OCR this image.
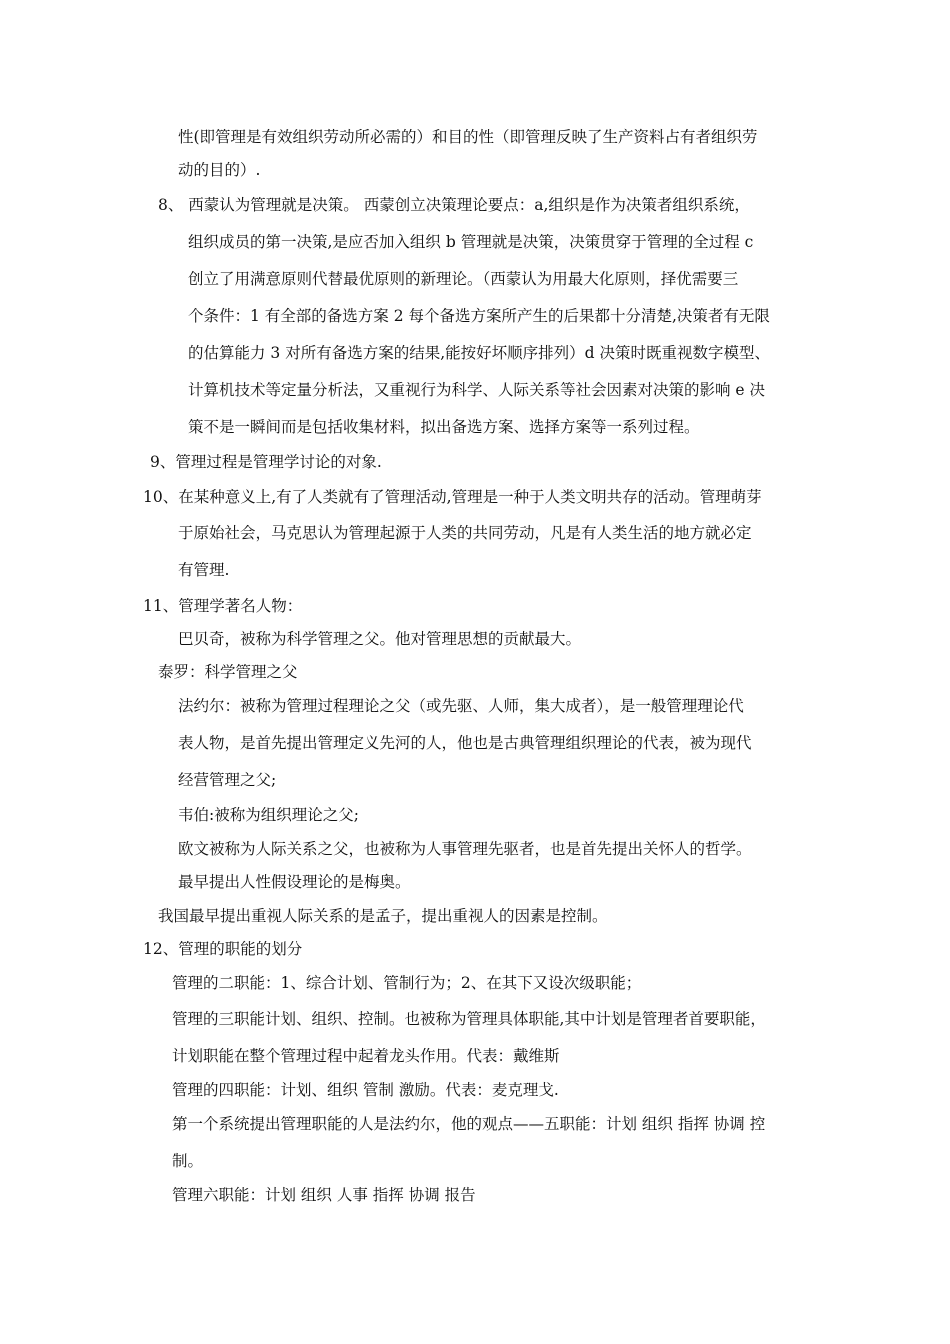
性(即管理是有效组织劳动所必需的）和目的性（即管理反映了生产资料占有者组织劳
动的目的）.
8、 西蒙认为管理就是决策。 西蒙创立决策理论要点：a,组织是作为决策者组织系统，
组织成员的第一决策,是应否加入组织 b 管理就是决策，决策贯穿于管理的全过程 c
创立了用满意原则代替最优原则的新理论。（西蒙认为用最大化原则，择优需要三
个条件：1 有全部的备选方案 2 每个备选方案所产生的后果都十分清楚,决策者有无限
的估算能力 3 对所有备选方案的结果,能按好坏顺序排列）d 决策时既重视数字模型、
计算机技术等定量分析法，又重视行为科学、人际关系等社会因素对决策的影响 e 决
策不是一瞬间而是包括收集材料，拟出备选方案、选择方案等一系列过程。
9、管理过程是管理学讨论的对象.
10、在某种意义上,有了人类就有了管理活动,管理是一种于人类文明共存的活动。管理萌芽
于原始社会，马克思认为管理起源于人类的共同劳动，凡是有人类生活的地方就必定
有管理.
11、管理学著名人物：
巴贝奇，被称为科学管理之父。他对管理思想的贡献最大。
泰罗：科学管理之父
法约尔：被称为管理过程理论之父（或先驱、人师，集大成者），是一般管理理论代
表人物，是首先提出管理定义先河的人，他也是古典管理组织理论的代表，被为现代
经营管理之父;
韦伯:被称为组织理论之父;
欧文被称为人际关系之父，也被称为人事管理先驱者，也是首先提出关怀人的哲学。
最早提出人性假设理论的是梅奥。
我国最早提出重视人际关系的是孟子，提出重视人的因素是控制。
12、管理的职能的划分
管理的二职能：1、综合计划、管制行为；2、在其下又设次级职能；
管理的三职能计划、组织、控制。也被称为管理具体职能,其中计划是管理者首要职能，
计划职能在整个管理过程中起着龙头作用。代表：戴维斯
管理的四职能：计划、组织 管制 激励。代表：麦克理戈.
第一个系统提出管理职能的人是法约尔，他的观点——五职能：计划 组织 指挥 协调 控
制。
管理六职能：计划 组织 人事 指挥 协调 报告
